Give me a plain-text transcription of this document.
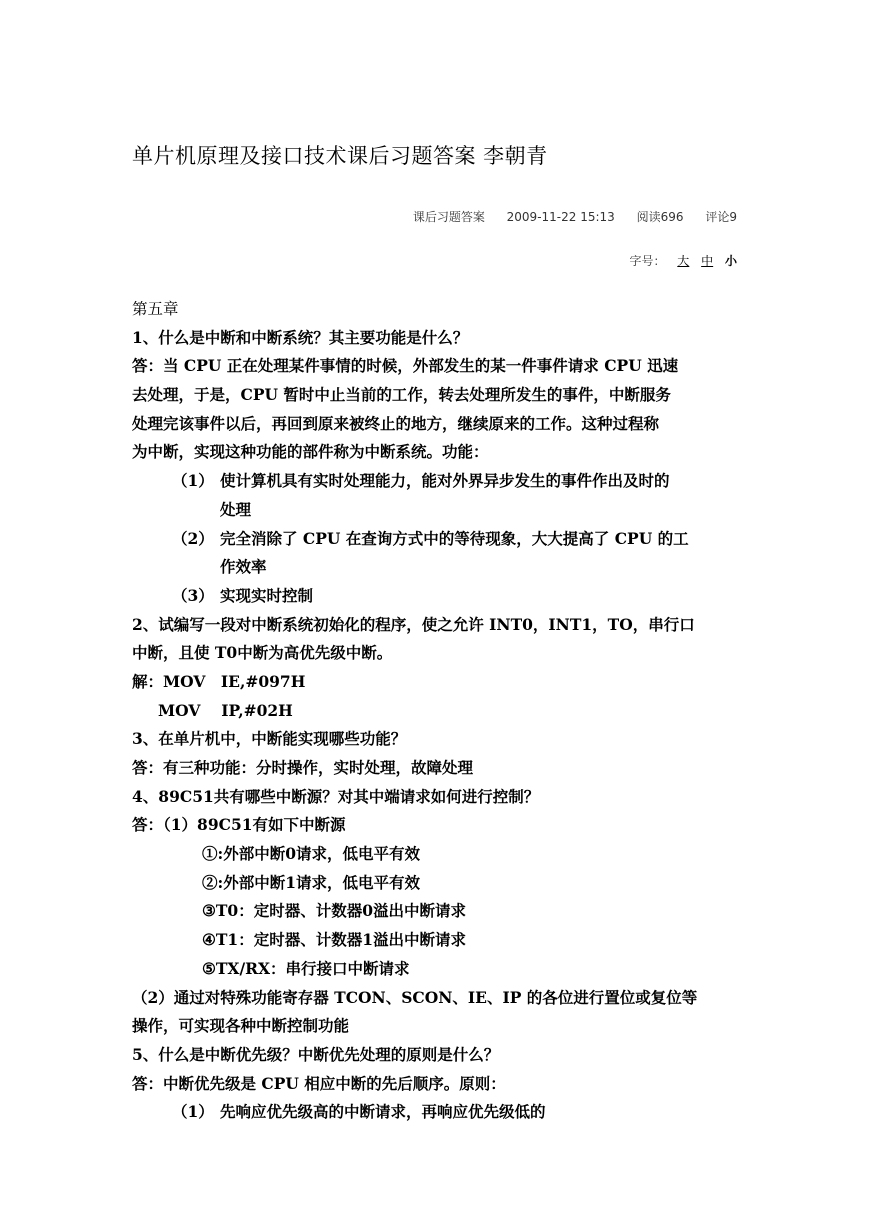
单片机原理及接口技术课后习题答案 李朝青
课后习题答案 2009-11-22 15:13 阅读696 评论9
字号： 大 中 小
第五章
1、什么是中断和中断系统？其主要功能是什么？
答：当 CPU 正在处理某件事情的时候，外部发生的某一件事件请求 CPU 迅速
去处理，于是，CPU 暂时中止当前的工作，转去处理所发生的事件，中断服务
处理完该事件以后，再回到原来被终止的地方，继续原来的工作。这种过程称
为中断，实现这种功能的部件称为中断系统。功能：
（1） 使计算机具有实时处理能力，能对外界异步发生的事件作出及时的
处理
（2） 完全消除了 CPU 在查询方式中的等待现象，大大提高了 CPU 的工
作效率
（3） 实现实时控制
2、试编写一段对中断系统初始化的程序，使之允许 INT0，INT1，TO，串行口
中断，且使 T0中断为高优先级中断。
解：MOV　IE,#097H
MOV　 IP,#02H
3、在单片机中，中断能实现哪些功能？
答：有三种功能：分时操作，实时处理，故障处理
4、89C51共有哪些中断源？对其中端请求如何进行控制？
答：（1）89C51有如下中断源
①:外部中断0请求，低电平有效
②:外部中断1请求，低电平有效
③T0：定时器、计数器0溢出中断请求
④T1：定时器、计数器1溢出中断请求
⑤TX/RX：串行接口中断请求
（2）通过对特殊功能寄存器 TCON、SCON、IE、IP 的各位进行置位或复位等
操作，可实现各种中断控制功能
5、什么是中断优先级？中断优先处理的原则是什么？
答：中断优先级是 CPU 相应中断的先后顺序。原则：
（1） 先响应优先级高的中断请求，再响应优先级低的
